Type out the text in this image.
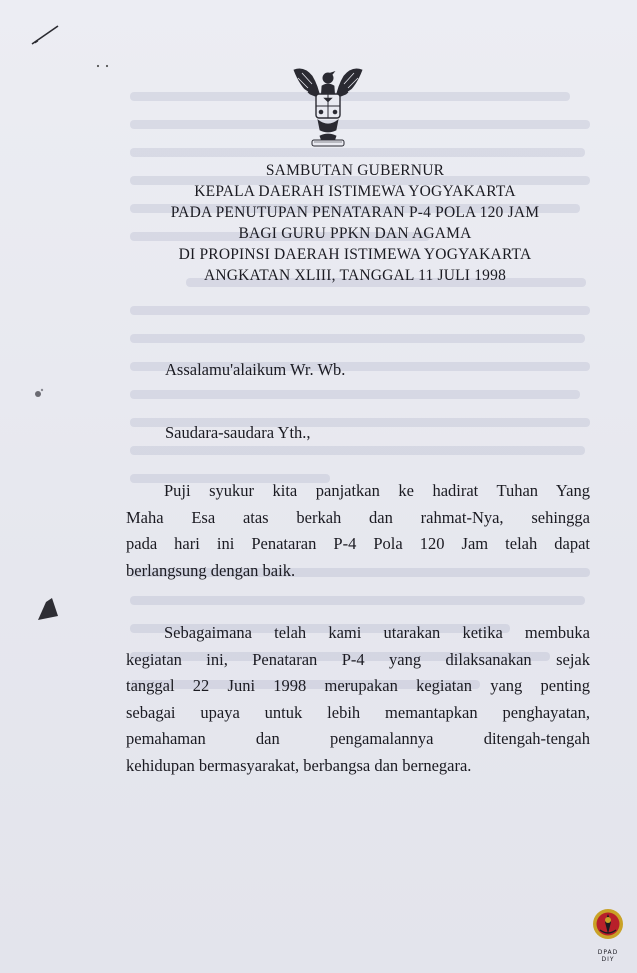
SAMBUTAN GUBERNUR
KEPALA DAERAH ISTIMEWA YOGYAKARTA
PADA PENUTUPAN PENATARAN P-4 POLA 120 JAM
BAGI GURU PPKN DAN AGAMA
DI PROPINSI DAERAH ISTIMEWA YOGYAKARTA
ANGKATAN XLIII, TANGGAL 11 JULI 1998
Assalamu'alaikum Wr. Wb.
Saudara-saudara Yth.,
Puji syukur kita panjatkan ke hadirat Tuhan Yang
Maha Esa atas berkah dan rahmat-Nya, sehingga
pada hari ini Penataran P-4 Pola 120 Jam telah dapat
berlangsung dengan baik.
Sebagaimana telah kami utarakan ketika membuka
kegiatan ini, Penataran P-4 yang dilaksanakan sejak
tanggal 22 Juni 1998 merupakan kegiatan yang penting
sebagai upaya untuk lebih memantapkan penghayatan,
pemahaman dan pengamalannya ditengah-tengah
kehidupan bermasyarakat, berbangsa dan bernegara.
DPAD
DIY
